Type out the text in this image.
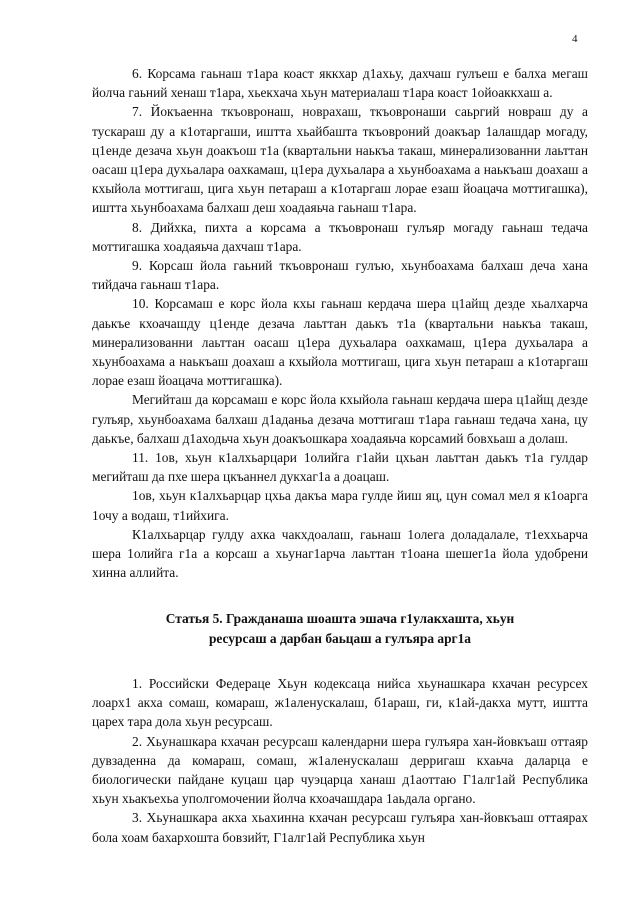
4

6. Корсама гаьнаш т1ара коаст яккхар д1ахьу, дахчаш гулъеш е балха мегаш йолча гаьний хенаш т1ара, хьекхача хьун материалаш т1ара коаст 1ойоаккхаш а.

7. Йокъаенна ткъовронаш, новрахаш, ткъовронаши саьргий новраш ду а тускараш ду а к1отаргаши, иштта хьайбашта ткъовроний доакъар 1алашдар могаду, ц1енде дезача хьун доакъош т1а (квартальни наькъа такаш, минерализованни лаьттан оасаш ц1ера духьалара оахкамаш, ц1ера духьалара а хьунбоахама а наькъаш доахаш а кхыйола моттигаш, цига хьун петараш а к1отаргаш лорае езаш йоацача моттигашка), иштта хьунбоахама балхаш деш хоадаяьча гаьнаш т1ара.

8. Дийхка, пихта а корсама а ткъовронаш гулъяр могаду гаьнаш тедача моттигашка хоадаяьча дахчаш т1ара.

9. Корсаш йола гаьний ткъовронаш гулъю, хьунбоахама балхаш деча хана тийдача гаьнаш т1ара.

10. Корсамаш е корс йола кхы гаьнаш кердача шера ц1айщ дезде хьалхарча даькъе кхоачашду ц1енде дезача лаьттан даькъ т1а (квартальни наькъа такаш, минерализованни лаьттан оасаш ц1ера духьалара оахкамаш, ц1ера духьалара а хьунбоахама а наькъаш доахаш а кхыйола моттигаш, цига хьун петараш а к1отаргаш лорае езаш йоацача моттигашка).

Мегийташ да корсамаш е корс йола кхыйола гаьнаш кердача шера ц1айщ дезде гулъяр, хьунбоахама балхаш д1аданьа дезача моттигаш т1ара гаьнаш тедача хана, цу даькъе, балхаш д1аходьча хьун доакъошкара хоадаяьча корсамий бовхьаш а долаш.

11. 1ов, хьун к1алхьарцари 1олийга г1айи цхьан лаьттан даькъ т1а гулдар мегийташ да пхе шера цкъаннел дукхаг1а а доацаш.

1ов, хьун к1алхьарцар цхьа дакъа мара гулде йиш яц, цун сомал мел я к1оарга 1очу а водаш, т1ийхига.

К1алхьарцар гулду ахка чакхдоалаш, гаьнаш 1олега доладалале, т1еххьарча шера 1олийга г1а а корсаш а хьунаг1арча лаьттан т1оана шешег1а йола удобрени хинна аллийта.

Статья 5. Гражданаша шоашта эшача г1улакхашта, хьун
ресурсаш а дарбан баьцаш а гулъяра арг1а

1. Российски Федераце Хьун кодексаца нийса хьунашкара кхачан ресурсех лоарх1 акха сомаш, комараш, ж1аленускалаш, б1араш, ги, к1ай-дакха мутт, иштта царех тара дола хьун ресурсаш.

2. Хьунашкара кхачан ресурсаш календарни шера гулъяра хан-йовкъаш оттаяр дувзаденна да комараш, сомаш, ж1аленускалаш дерригаш кхаьча даларца е биологически пайдане куцаш цар чуэцарца ханаш д1аоттаю Г1алг1ай Республика хьун хьакъехьа уполгомочении йолча кхоачашдара 1аьдала органо.

3. Хьунашкара акха хьахинна кхачан ресурсаш гулъяра хан-йовкъаш оттаярах бола хоам бахархошта бовзийт, Г1алг1ай Республика хьун
